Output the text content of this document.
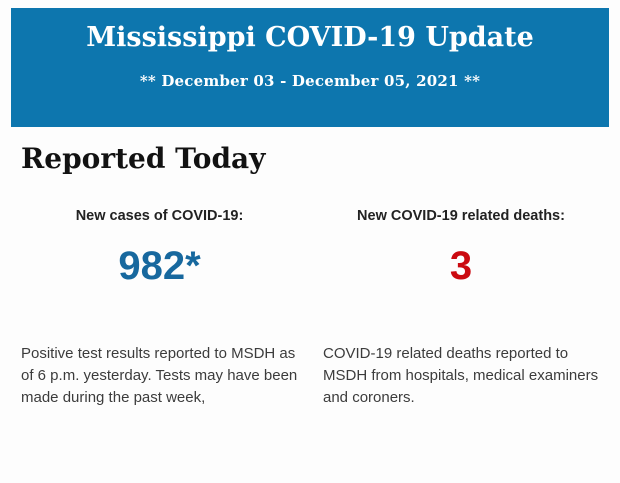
Mississippi COVID-19 Update
** December 03 - December 05, 2021 **
Reported Today
New cases of COVID-19:
982*
Positive test results reported to MSDH as of 6 p.m. yesterday. Tests may have been made during the past week,
New COVID-19 related deaths:
3
COVID-19 related deaths reported to MSDH from hospitals, medical examiners and coroners.
